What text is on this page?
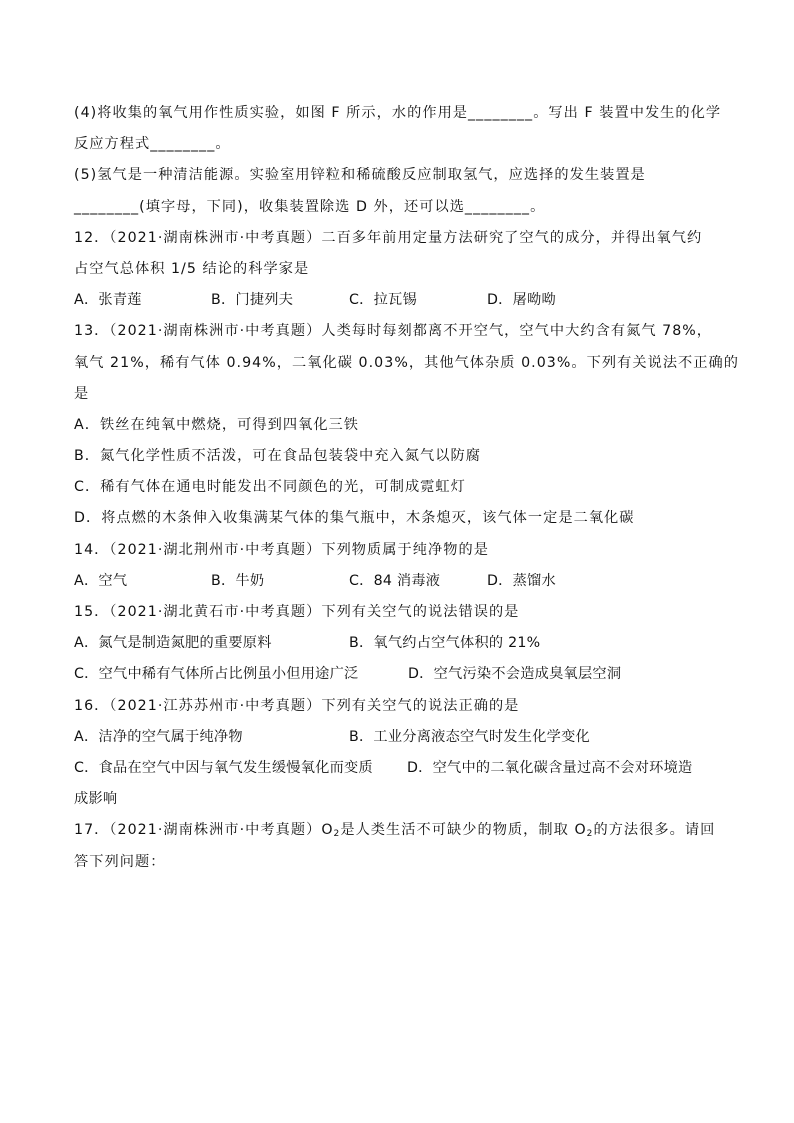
(4)将收集的氧气用作性质实验，如图 F 所示，水的作用是________。写出 F 装置中发生的化学
反应方程式________。
(5)氢气是一种清洁能源。实验室用锌粒和稀硫酸反应制取氢气，应选择的发生装置是
________(填字母，下同)，收集装置除选 D 外，还可以选________。
12．（2021·湖南株洲市·中考真题）二百多年前用定量方法研究了空气的成分，并得出氧气约
占空气总体积 1/5 结论的科学家是
A．张青莲	B．门捷列夫	C．拉瓦锡	D．屠呦呦
13．（2021·湖南株洲市·中考真题）人类每时每刻都离不开空气，空气中大约含有氮气 78%，
氧气 21%，稀有气体 0.94%，二氧化碳 0.03%，其他气体杂质 0.03%。下列有关说法不正确的
是
A．铁丝在纯氧中燃烧，可得到四氧化三铁
B．氮气化学性质不活泼，可在食品包装袋中充入氮气以防腐
C．稀有气体在通电时能发出不同颜色的光，可制成霓虹灯
D．将点燃的木条伸入收集满某气体的集气瓶中，木条熄灭，该气体一定是二氧化碳
14．（2021·湖北荆州市·中考真题）下列物质属于纯净物的是
A．空气	B．牛奶	C．84 消毒液	D．蒸馏水
15．（2021·湖北黄石市·中考真题）下列有关空气的说法错误的是
A．氮气是制造氮肥的重要原料	B．氧气约占空气体积的 21%
C．空气中稀有气体所占比例虽小但用途广泛	D．空气污染不会造成臭氧层空洞
16．（2021·江苏苏州市·中考真题）下列有关空气的说法正确的是
A．洁净的空气属于纯净物	B．工业分离液态空气时发生化学变化
C．食品在空气中因与氧气发生缓慢氧化而变质	D．空气中的二氧化碳含量过高不会对环境造
成影响
17．（2021·湖南株洲市·中考真题）$O_2$是人类生活不可缺少的物质，制取 $O_2$的方法很多。请回
答下列问题：
